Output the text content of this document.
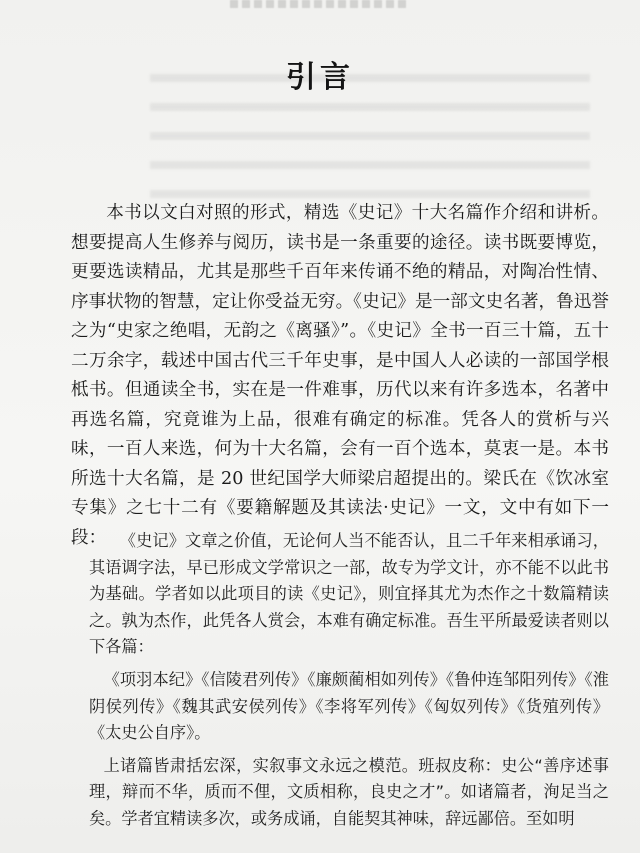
引言

本书以文白对照的形式，精选《史记》十大名篇作介绍和讲析。想要提高人生修养与阅历，读书是一条重要的途径。读书既要博览，更要选读精品，尤其是那些千百年来传诵不绝的精品，对陶冶性情、序事状物的智慧，定让你受益无穷。《史记》是一部文史名著，鲁迅誉之为“史家之绝唱，无韵之《离骚》”。《史记》全书一百三十篇，五十二万余字，载述中国古代三千年史事，是中国人人必读的一部国学根柢书。但通读全书，实在是一件难事，历代以来有许多选本，名著中再选名篇，究竟谁为上品，很难有确定的标准。凭各人的赏析与兴味，一百人来选，何为十大名篇，会有一百个选本，莫衷一是。本书所选十大名篇，是 20 世纪国学大师梁启超提出的。梁氏在《饮冰室专集》之七十二有《要籍解题及其读法·史记》一文，文中有如下一段： 《史记》文章之价值，无论何人当不能否认，且二千年来相承诵习，其语调字法，早已形成文学常识之一部，故专为学文计，亦不能不以此书为基础。学者如以此项目的读《史记》，则宜择其尤为杰作之十数篇精读之。孰为杰作，此凭各人赏会，本难有确定标准。吾生平所最爱读者则以下各篇：

《项羽本纪》《信陵君列传》《廉颇蔺相如列传》《鲁仲连邹阳列传》《淮阴侯列传》《魏其武安侯列传》《李将军列传》《匈奴列传》《货殖列传》《太史公自序》。

上诸篇皆肃括宏深，实叙事文永远之模范。班叔皮称：史公“善序述事理，辩而不华，质而不俚，文质相称，良史之才”。如诸篇者，洵足当之矣。学者宜精读多次，或务成诵，自能契其神味，辞远鄙倍。至如明
